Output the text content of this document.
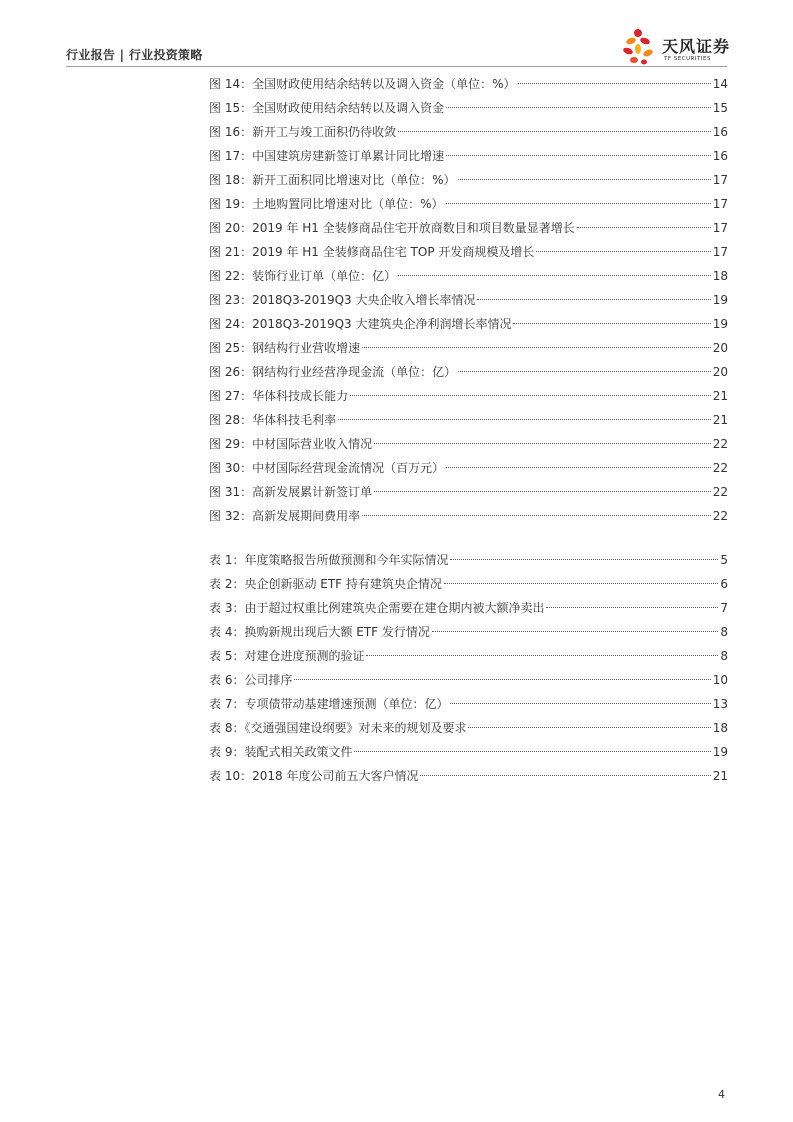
行业报告 | 行业投资策略	天风证券
TF SECURITIES
图 14：全国财政使用结余结转以及调入资金（单位：%）	14
图 15：全国财政使用结余结转以及调入资金	15
图 16：新开工与竣工面积仍待收敛	16
图 17：中国建筑房建新签订单累计同比增速	16
图 18：新开工面积同比增速对比（单位：%）	17
图 19：土地购置同比增速对比（单位：%）	17
图 20：2019 年 H1 全装修商品住宅开放商数目和项目数量显著增长	17
图 21：2019 年 H1 全装修商品住宅 TOP 开发商规模及增长	17
图 22：装饰行业订单（单位：亿）	18
图 23：2018Q3-2019Q3 大央企收入增长率情况	19
图 24：2018Q3-2019Q3 大建筑央企净利润增长率情况	19
图 25：钢结构行业营收增速	20
图 26：钢结构行业经营净现金流（单位：亿）	20
图 27：华体科技成长能力	21
图 28：华体科技毛利率	21
图 29：中材国际营业收入情况	22
图 30：中材国际经营现金流情况（百万元）	22
图 31：高新发展累计新签订单	22
图 32：高新发展期间费用率	22
表 1：年度策略报告所做预测和今年实际情况	5
表 2：央企创新驱动 ETF 持有建筑央企情况	6
表 3：由于超过权重比例建筑央企需要在建仓期内被大额净卖出	7
表 4：换购新规出现后大额 ETF 发行情况	8
表 5：对建仓进度预测的验证	8
表 6：公司排序	10
表 7：专项债带动基建增速预测（单位：亿）	13
表 8：《交通强国建设纲要》对未来的规划及要求	18
表 9：装配式相关政策文件	19
表 10：2018 年度公司前五大客户情况	21
4
